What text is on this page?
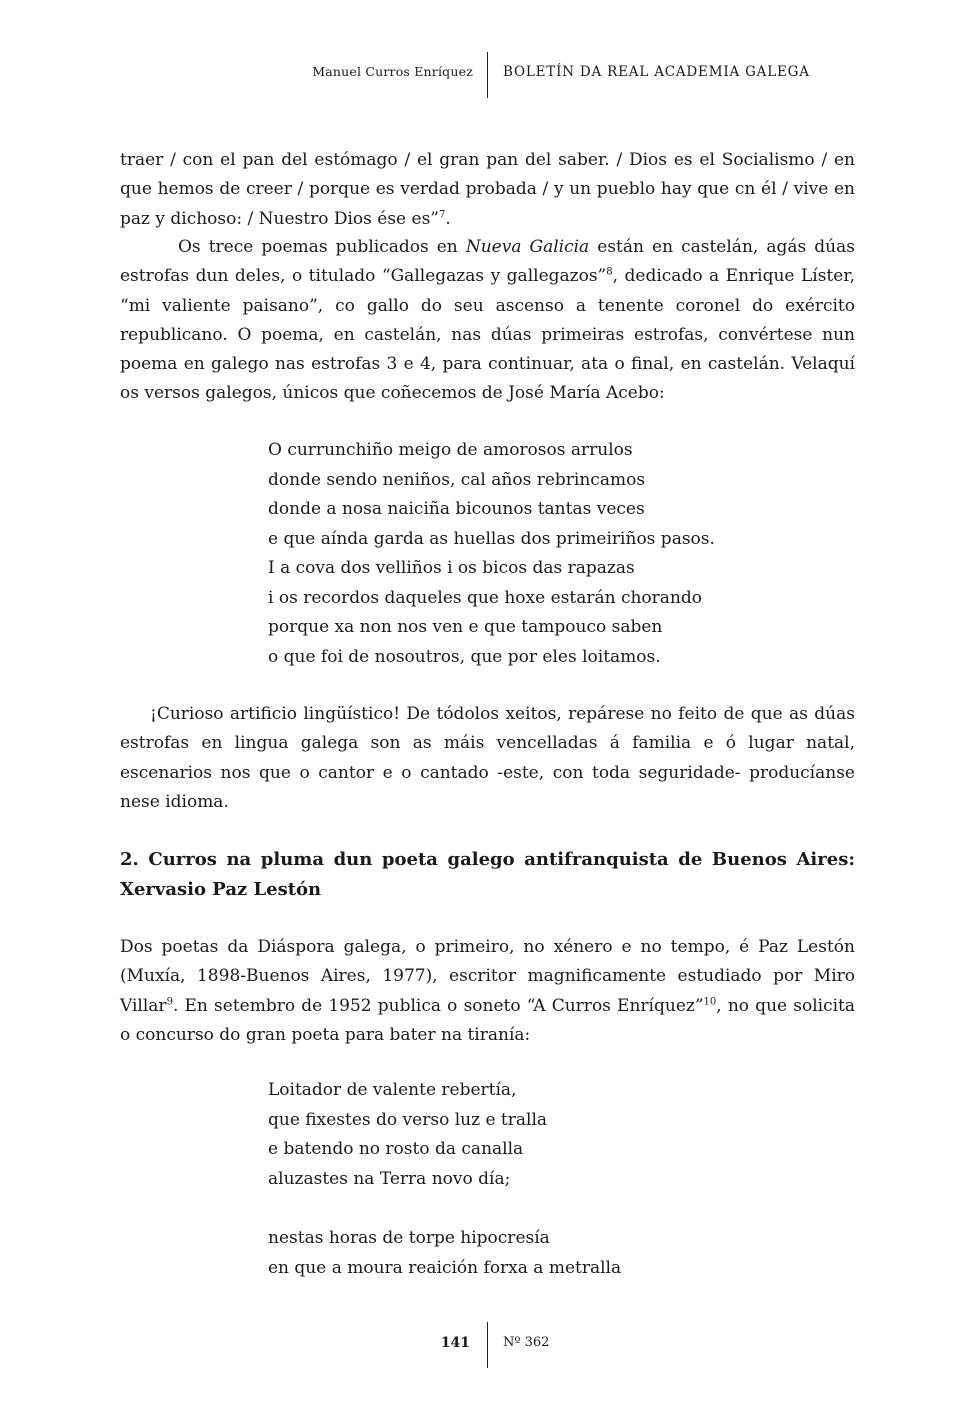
Manuel Curros Enríquez BOLETÍN DA REAL ACADEMIA GALEGA

traer / con el pan del estómago / el gran pan del saber. / Dios es el Socialismo / en que hemos de creer / porque es verdad probada / y un pueblo hay que cn él / vive en paz y dichoso: / Nuestro Dios ése es”$^7$.

Os trece poemas publicados en Nueva Galicia están en castelán, agás dúas estrofas dun deles, o titulado “Gallegazas y gallegazos”$^8$, dedicado a Enrique Líster, “mi valiente paisano”, co gallo do seu ascenso a tenente coronel do exército republicano. O poema, en castelán, nas dúas primeiras estrofas, convértese nun poema en galego nas estrofas 3 e 4, para continuar, ata o final, en castelán. Velaquí os versos galegos, únicos que coñecemos de José María Acebo:

O currunchiño meigo de amorosos arrulos
donde sendo neniños, cal años rebrincamos
donde a nosa naiciña bicounos tantas veces
e que aínda garda as huellas dos primeiriños pasos.
I a cova dos velliños i os bicos das rapazas
i os recordos daqueles que hoxe estarán chorando
porque xa non nos ven e que tampouco saben
o que foi de nosoutros, que por eles loitamos.

¡Curioso artificio lingüístico! De tódolos xeitos, repárese no feito de que as dúas estrofas en lingua galega son as máis vencelladas á familia e ó lugar natal, escenarios nos que o cantor e o cantado -este, con toda seguridade- producíanse nese idioma.

2. Curros na pluma dun poeta galego antifranquista de Buenos Aires: Xervasio Paz Lestón

Dos poetas da Diáspora galega, o primeiro, no xénero e no tempo, é Paz Lestón (Muxía, 1898-Buenos Aires, 1977), escritor magnificamente estudiado por Miro Villar$^9$. En setembro de 1952 publica o soneto “A Curros Enríquez”$^{10}$, no que solicita o concurso do gran poeta para bater na tiranía:

Loitador de valente rebertía,
que fixestes do verso luz e tralla
e batendo no rosto da canalla
aluzastes na Terra novo día;
nestas horas de torpe hipocresía
en que a moura reaición forxa a metralla
141	Nº 362
